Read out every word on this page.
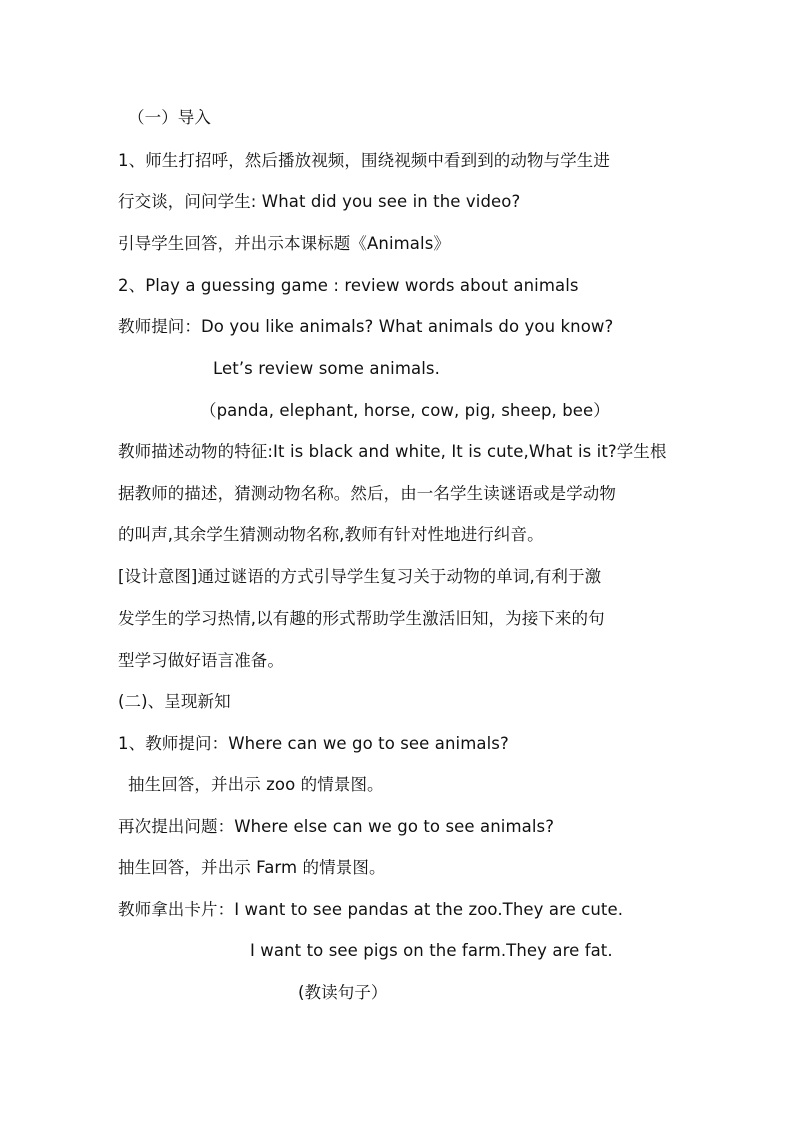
（一）导入
1、师生打招呼，然后播放视频，围绕视频中看到到的动物与学生进
行交谈，问问学生: What did you see in the video?
引导学生回答，并出示本课标题《Animals》
2、Play a guessing game : review words about animals
教师提问：Do you like animals? What animals do you know?
Let’s review some animals.
（panda, elephant, horse, cow, pig, sheep, bee）
教师描述动物的特征:It is black and white, It is cute,What is it?学生根
据教师的描述，猜测动物名称。然后，由一名学生读谜语或是学动物
的叫声,其余学生猜测动物名称,教师有针对性地进行纠音。
[设计意图]通过谜语的方式引导学生复习关于动物的单词,有利于激
发学生的学习热情,以有趣的形式帮助学生激活旧知，为接下来的句
型学习做好语言准备。
(二)、呈现新知
1、教师提问：Where can we go to see animals?
抽生回答，并出示 zoo 的情景图。
再次提出问题：Where else can we go to see animals?
抽生回答，并出示 Farm 的情景图。
教师拿出卡片：I want to see pandas at the zoo.They are cute.
I want to see pigs on the farm.They are fat.
(教读句子）
